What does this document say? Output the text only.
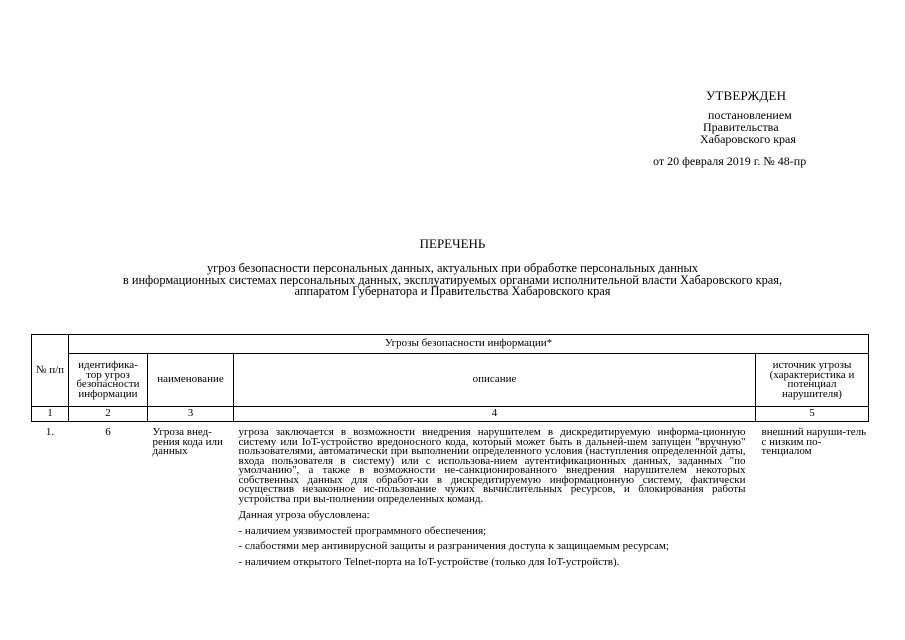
УТВЕРЖДЕН
постановлением
Правительства
Хабаровского края
от 20 февраля 2019 г. № 48-пр
ПЕРЕЧЕНЬ
угроз безопасности персональных данных, актуальных при обработке персональных данных
в информационных системах персональных данных, эксплуатируемых органами исполнительной власти Хабаровского края,
аппаратом Губернатора и Правительства Хабаровского края
№ п/п	Угрозы безопасности информации*			

	идентифика-тор угроз безопасности информации	наименование	описание	источник угрозы (характеристика и потенциал нарушителя)

1	2	3	4	5
1.	6	Угроза внед-рения кода или данных	угроза заключается в возможности внедрения нарушителем в дискредитируемую информа-ционную систему или IoT-устройство вредоносного кода, который может быть в дальней-шем запущен "вручную" пользователями, автоматически при выполнении определенного условия (наступления определенной даты, входа пользователя в систему) или с использова-нием аутентификационных данных, заданных "по умолчанию", а также в возможности не-санкционированного внедрения нарушителем некоторых собственных данных для обработ-ки в дискредитируемую информационную систему, фактически осуществив незаконное ис-пользование чужих вычислительных ресурсов, и блокирования работы устройства при вы-полнении определенных команд.

Данная угроза обусловлена:

- наличием уязвимостей программного обеспечения;

- слабостями мер антивирусной защиты и разграничения доступа к защищаемым ресурсам;

- наличием открытого Telnet-порта на IoT-устройстве (только для IoT-устройств).	внешний наруши-тель с низким по-тенциалом
